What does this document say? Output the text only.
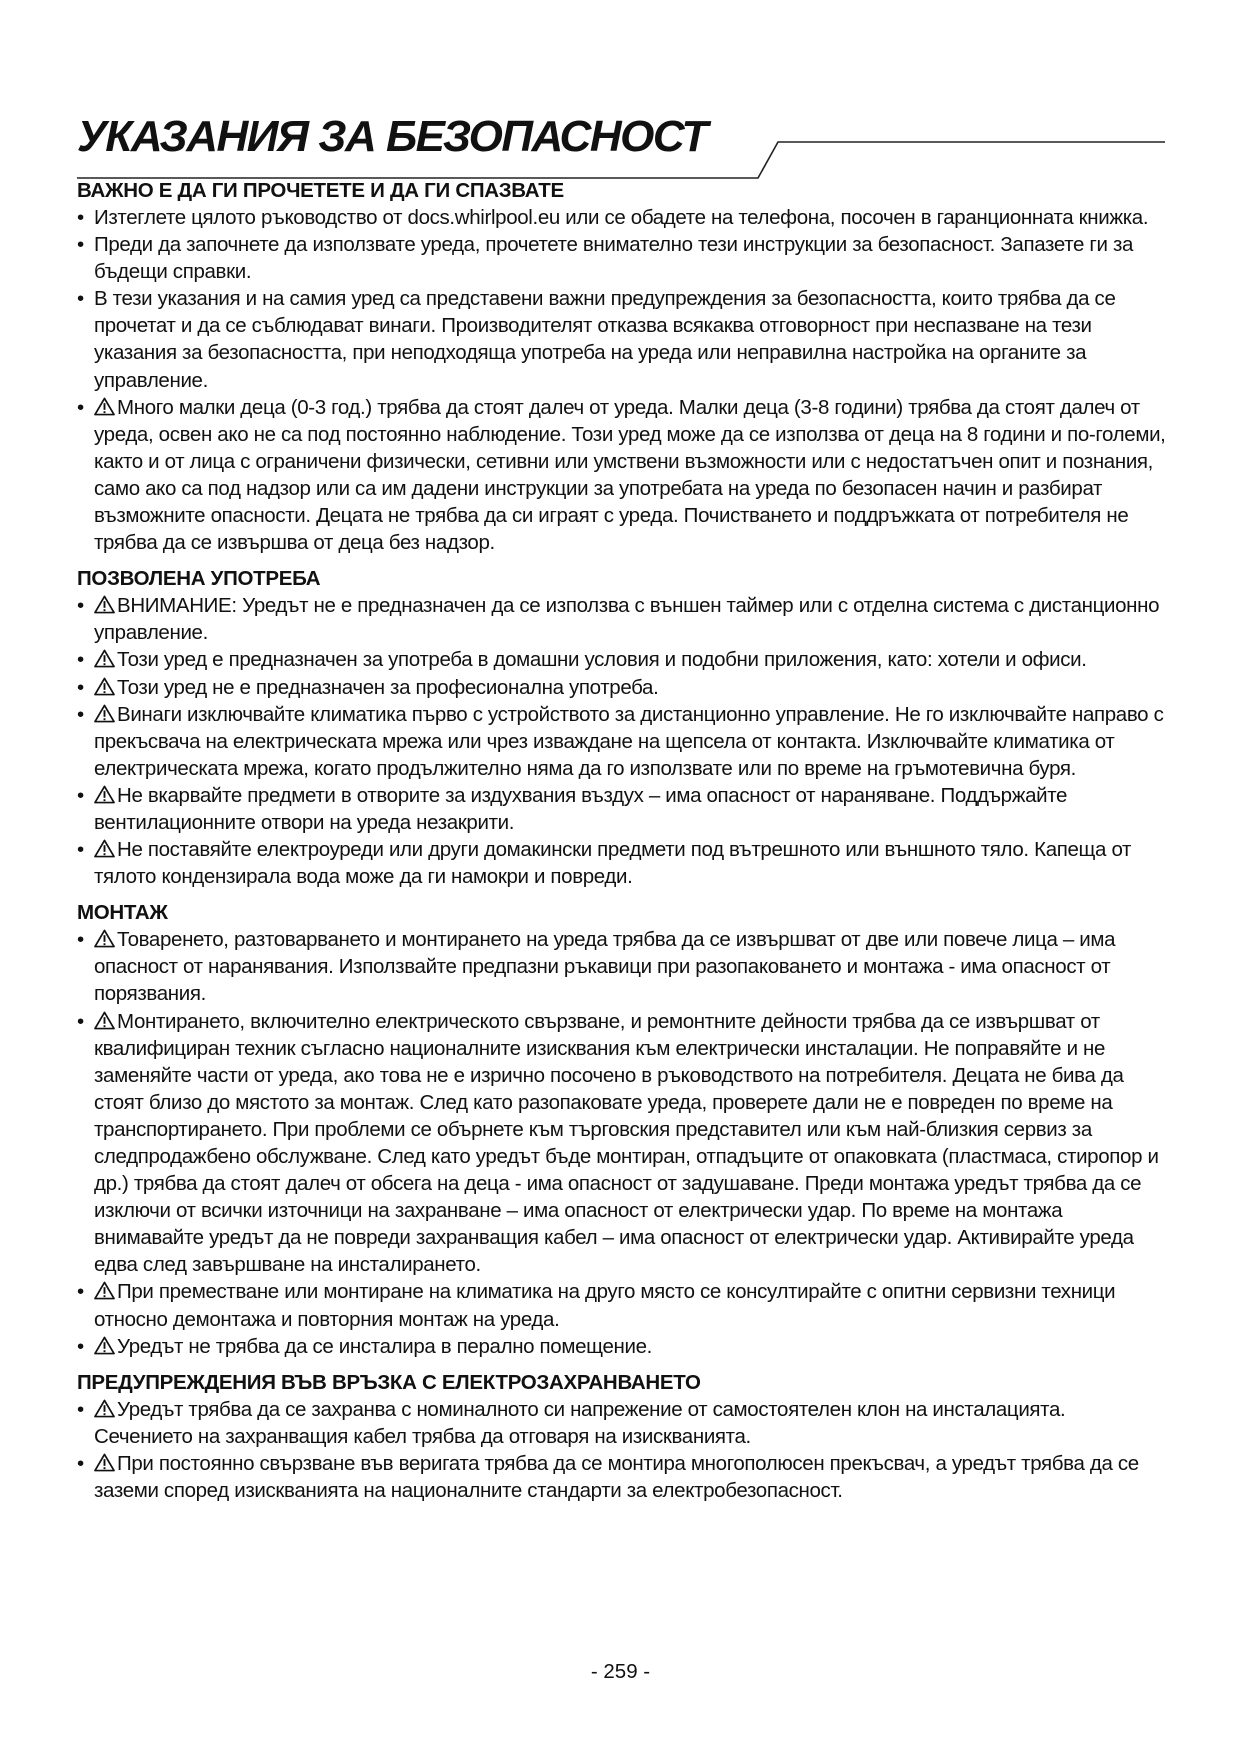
УКАЗАНИЯ ЗА БЕЗОПАСНОСТ
ВАЖНО Е ДА ГИ ПРОЧЕТЕТЕ И ДА ГИ СПАЗВАТЕ
• Изтеглете цялото ръководство от docs.whirlpool.eu или се обадете на телефона, посочен в гаранционната книжка.
• Преди да започнете да използвате уреда, прочетете внимателно тези инструкции за безопасност. Запазете ги за бъдещи справки.
• В тези указания и на самия уред са представени важни предупреждения за безопасността, които трябва да се прочетат и да се съблюдават винаги. Производителят отказва всякаква отговорност при неспазване на тези указания за безопасността, при неподходяща употреба на уреда или неправилна настройка на органите за управление.
• Много малки деца (0-3 год.) трябва да стоят далеч от уреда. Малки деца (3-8 години) трябва да стоят далеч от уреда, освен ако не са под постоянно наблюдение. Този уред може да се използва от деца на 8 години и по-големи, както и от лица с ограничени физически, сетивни или умствени възможности или с недостатъчен опит и познания, само ако са под надзор или са им дадени инструкции за употребата на уреда по безопасен начин и разбират възможните опасности. Децата не трябва да си играят с уреда. Почистването и поддръжката от потребителя не трябва да се извършва от деца без надзор.
ПОЗВОЛЕНА УПОТРЕБА
• ВНИМАНИЕ: Уредът не е предназначен да се използва с външен таймер или с отделна система с дистанционно управление.
• Този уред е предназначен за употреба в домашни условия и подобни приложения, като: хотели и офиси.
• Този уред не е предназначен за професионална употреба.
• Винаги изключвайте климатика първо с устройството за дистанционно управление. Не го изключвайте направо с прекъсвача на електрическата мрежа или чрез изваждане на щепсела от контакта. Изключвайте климатика от електрическата мрежа, когато продължително няма да го използвате или по време на гръмотевична буря.
• Не вкарвайте предмети в отворите за издухвания въздух – има опасност от нараняване. Поддържайте вентилационните отвори на уреда незакрити.
• Не поставяйте електроуреди или други домакински предмети под вътрешното или външното тяло. Капеща от тялото кондензирала вода може да ги намокри и повреди.
МОНТАЖ
• Товаренето, разтоварването и монтирането на уреда трябва да се извършват от две или повече лица – има опасност от наранявания. Използвайте предпазни ръкавици при разопаковането и монтажа - има опасност от порязвания.
• Монтирането, включително електрическото свързване, и ремонтните дейности трябва да се извършват от квалифициран техник съгласно националните изисквания към електрически инсталации. Не поправяйте и не заменяйте части от уреда, ако това не е изрично посочено в ръководството на потребителя. Децата не бива да стоят близо до мястото за монтаж. След като разопаковате уреда, проверете дали не е повреден по време на транспортирането. При проблеми се обърнете към търговския представител или към най-близкия сервиз за следпродажбено обслужване. След като уредът бъде монтиран, отпадъците от опаковката (пластмаса, стиропор и др.) трябва да стоят далеч от обсега на деца - има опасност от задушаване. Преди монтажа уредът трябва да се изключи от всички източници на захранване – има опасност от електрически удар. По време на монтажа внимавайте уредът да не повреди захранващия кабел – има опасност от електрически удар. Активирайте уреда едва след завършване на инсталирането.
• При преместване или монтиране на климатика на друго място се консултирайте с опитни сервизни техници относно демонтажа и повторния монтаж на уреда.
• Уредът не трябва да се инсталира в перално помещение.
ПРЕДУПРЕЖДЕНИЯ ВЪВ ВРЪЗКА С ЕЛЕКТРОЗАХРАНВАНЕТО
• Уредът трябва да се захранва с номиналното си напрежение от самостоятелен клон на инсталацията.
Сечението на захранващия кабел трябва да отговаря на изискванията.
• При постоянно свързване във веригата трябва да се монтира многополюсен прекъсвач, а уредът трябва да се заземи според изискванията на националните стандарти за електробезопасност.
- 259 -
